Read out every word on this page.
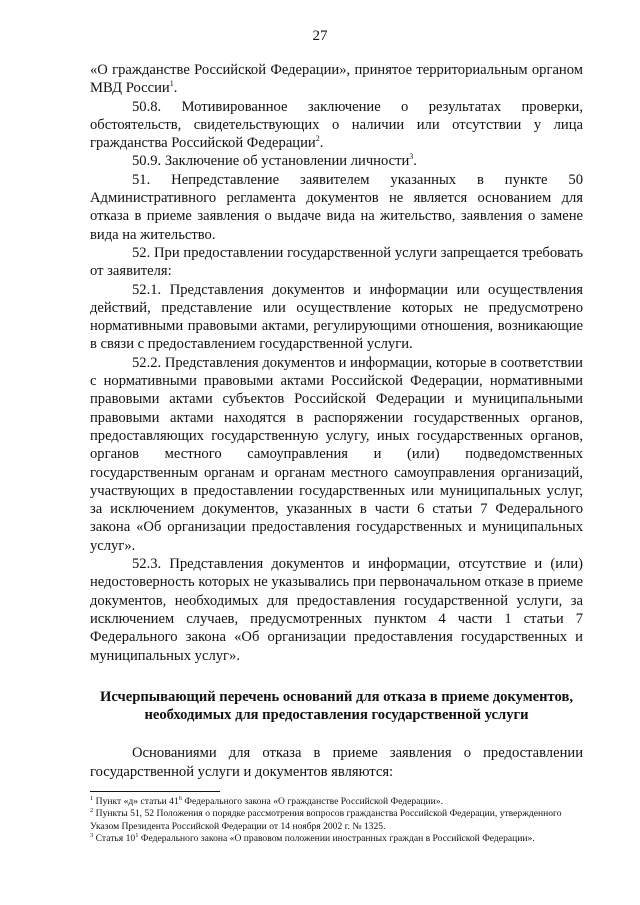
27

«О гражданстве Российской Федерации», принятое территориальным органом МВД России$^1$.

50.8. Мотивированное заключение о результатах проверки, обстоятельств, свидетельствующих о наличии или отсутствии у лица гражданства Российской Федерации$^2$.

50.9. Заключение об установлении личности$^3$.

51. Непредставление заявителем указанных в пункте 50 Административного регламента документов не является основанием для отказа в приеме заявления о выдаче вида на жительство, заявления о замене вида на жительство.

52. При предоставлении государственной услуги запрещается требовать от заявителя:

52.1. Представления документов и информации или осуществления действий, представление или осуществление которых не предусмотрено нормативными правовыми актами, регулирующими отношения, возникающие в связи с предоставлением государственной услуги.

52.2. Представления документов и информации, которые в соответствии с нормативными правовыми актами Российской Федерации, нормативными правовыми актами субъектов Российской Федерации и муниципальными правовыми актами находятся в распоряжении государственных органов, предоставляющих государственную услугу, иных государственных органов, органов местного самоуправления и (или) подведомственных государственным органам и органам местного самоуправления организаций, участвующих в предоставлении государственных или муниципальных услуг, за исключением документов, указанных в части 6 статьи 7 Федерального закона «Об организации предоставления государственных и муниципальных услуг».

52.3. Представления документов и информации, отсутствие и (или) недостоверность которых не указывались при первоначальном отказе в приеме документов, необходимых для предоставления государственной услуги, за исключением случаев, предусмотренных пунктом 4 части 1 статьи 7 Федерального закона «Об организации предоставления государственных и муниципальных услуг».

Исчерпывающий перечень оснований для отказа в приеме документов, необходимых для предоставления государственной услуги

Основаниями для отказа в приеме заявления о предоставлении государственной услуги и документов являются:

$^1$ Пункт «д» статьи $41^6$ Федерального закона «О гражданстве Российской Федерации».

$^2$ Пункты 51, 52 Положения о порядке рассмотрения вопросов гражданства Российской Федерации, утвержденного Указом Президента Российской Федерации от 14 ноября 2002 г. № 1325.

$^3$ Статья $10^1$ Федерального закона «О правовом положении иностранных граждан в Российской Федерации».
